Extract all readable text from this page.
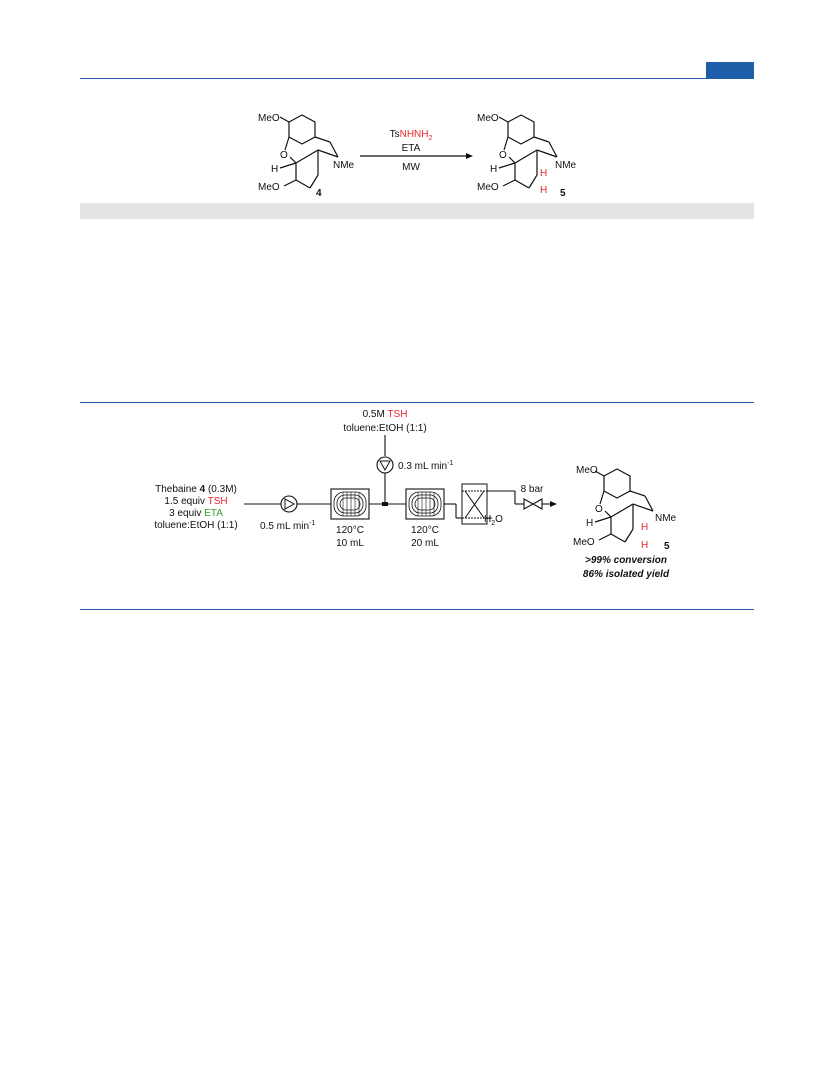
MeO
O
H
MeO
NMe
4
TsNHNH$_2$
ETA
MW
MeO
O
H
MeO
NMe
H
H 5
0.5M TSH
toluene:EtOH (1:1)
0.3 mL $\min^{-1}$
Thebaine 4 (0.3M)
1.5 equiv TSH
3 equiv ETA
toluene:EtOH (1:1) 0.5 mL $\min^{-1}$
120°C
10 mL
120°C
20 mL
$H_2O$
8 bar
MeO
O
H
MeO
NMe
H
H 5
>99% conversion
86% isolated yield
